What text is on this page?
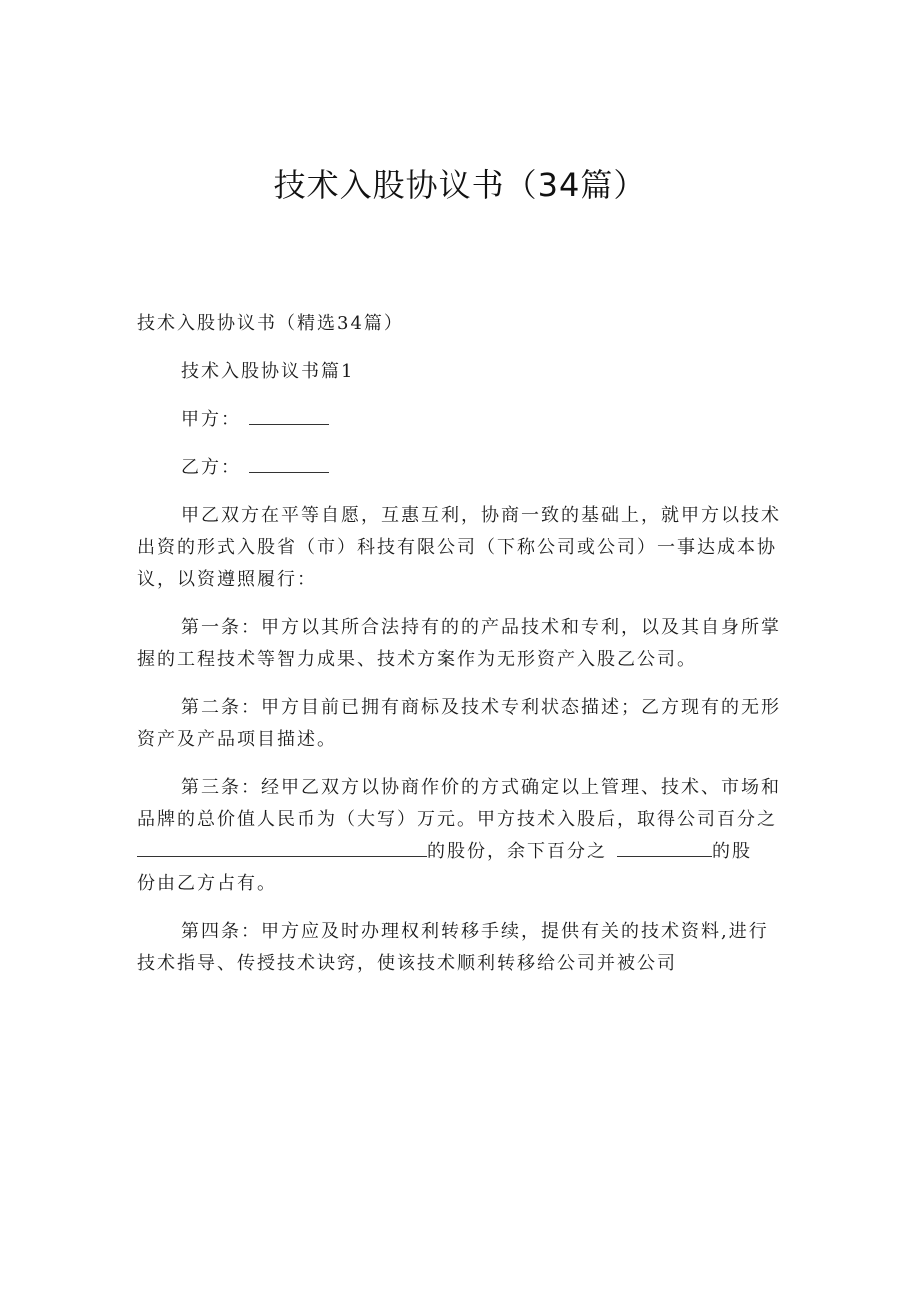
技术入股协议书（34篇）
技术入股协议书（精选34篇）
技术入股协议书篇1
甲方：
乙方：
甲乙双方在平等自愿，互惠互利，协商一致的基础上，就甲方以技术
出资的形式入股省（市）科技有限公司（下称公司或公司）一事达成本协
议，以资遵照履行：
第一条：甲方以其所合法持有的的产品技术和专利，以及其自身所掌
握的工程技术等智力成果、技术方案作为无形资产入股乙公司。
第二条：甲方目前已拥有商标及技术专利状态描述；乙方现有的无形
资产及产品项目描述。
第三条：经甲乙双方以协商作价的方式确定以上管理、技术、市场和
品牌的总价值人民币为（大写）万元。甲方技术入股后，取得公司百分之
的股份，余下百分之	的股
份由乙方占有。
第四条：甲方应及时办理权利转移手续，提供有关的技术资料,进行
技术指导、传授技术诀窍，使该技术顺利转移给公司并被公司
